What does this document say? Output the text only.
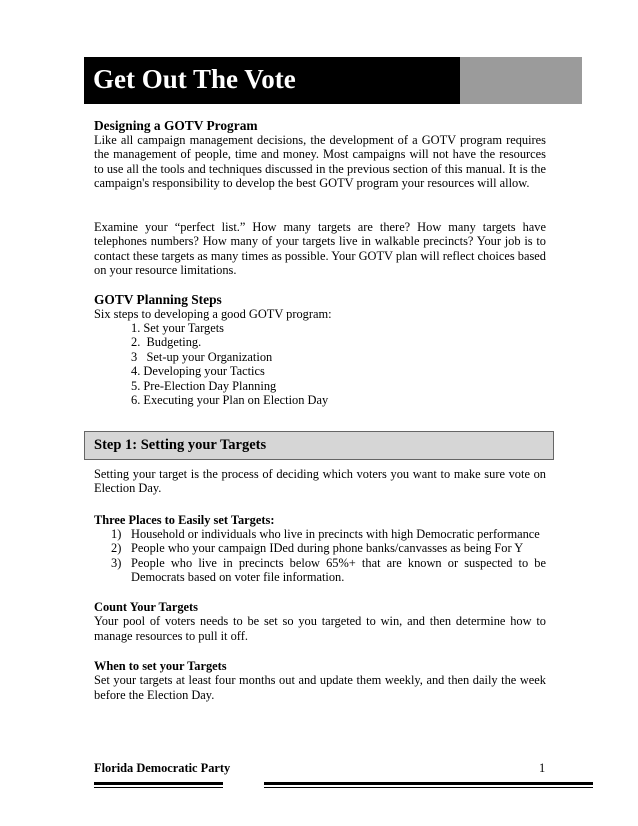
Get Out The Vote
Designing a GOTV Program

Like all campaign management decisions, the development of a GOTV program requires the management of people, time and money. Most campaigns will not have the resources to use all the tools and techniques discussed in the previous section of this manual. It is the campaign's responsibility to develop the best GOTV program your resources will allow.

Examine your “perfect list.” How many targets are there? How many targets have telephones numbers? How many of your targets live in walkable precincts? Your job is to contact these targets as many times as possible. Your GOTV plan will reflect choices based on your resource limitations.

GOTV Planning Steps
Six steps to developing a good GOTV program:
1. Set your Targets
2.  Budgeting.
3   Set-up your Organization
4. Developing your Tactics
5. Pre-Election Day Planning
6. Executing your Plan on Election Day
Step 1: Setting your Targets

Setting your target is the process of deciding which voters you want to make sure vote on Election Day.

Three Places to Easily set Targets:
1) Household or individuals who live in precincts with high Democratic performance
2) People who your campaign IDed during phone banks/canvasses as being For Y
3) People who live in precincts below 65%+ that are known or suspected to be Democrats based on voter file information.
Count Your Targets

Your pool of voters needs to be set so you targeted to win, and then determine how to manage resources to pull it off.

When to set your Targets

Set your targets at least four months out and update them weekly, and then daily the week before the Election Day.

Florida Democratic Party	1
